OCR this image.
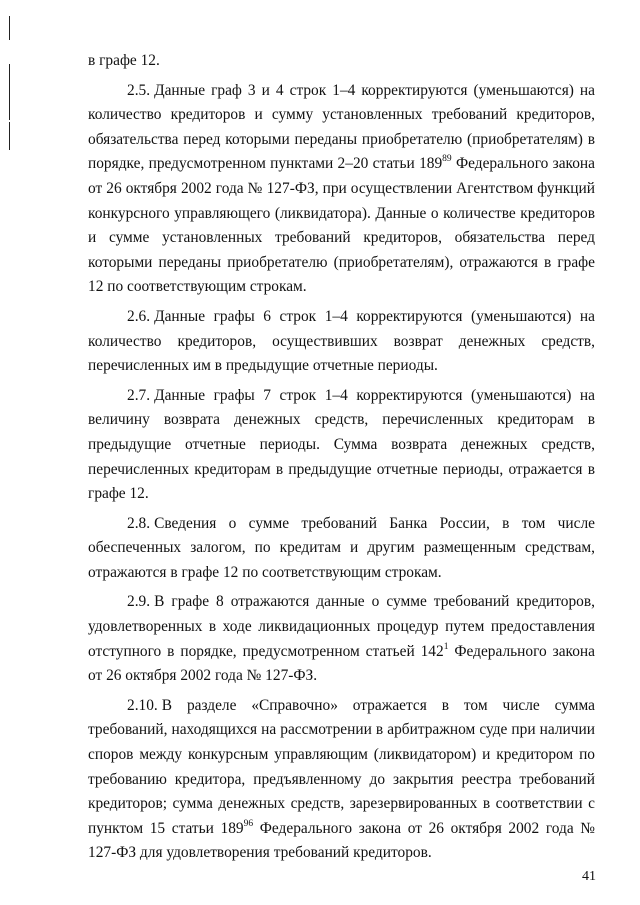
в графе 12.

2.5. Данные граф 3 и 4 строк 1–4 корректируются (уменьшаются) на количество кредиторов и сумму установленных требований кредиторов, обязательства перед которыми переданы приобретателю (приобретателям) в порядке, предусмотренном пунктами 2–20 статьи $189^{89}$ Федерального закона от 26 октября 2002 года № 127-ФЗ, при осуществлении Агентством функций конкурсного управляющего (ликвидатора). Данные о количестве кредиторов и сумме установленных требований кредиторов, обязательства перед которыми переданы приобретателю (приобретателям), отражаются в графе 12 по соответствующим строкам.

2.6. Данные графы 6 строк 1–4 корректируются (уменьшаются) на количество кредиторов, осуществивших возврат денежных средств, перечисленных им в предыдущие отчетные периоды.

2.7. Данные графы 7 строк 1–4 корректируются (уменьшаются) на величину возврата денежных средств, перечисленных кредиторам в предыдущие отчетные периоды. Сумма возврата денежных средств, перечисленных кредиторам в предыдущие отчетные периоды, отражается в графе 12.

2.8. Сведения о сумме требований Банка России, в том числе обеспеченных залогом, по кредитам и другим размещенным средствам, отражаются в графе 12 по соответствующим строкам.

2.9. В графе 8 отражаются данные о сумме требований кредиторов, удовлетворенных в ходе ликвидационных процедур путем предоставления отступного в порядке, предусмотренном статьей $142^1$ Федерального закона от 26 октября 2002 года № 127-ФЗ.

2.10. В разделе «Справочно» отражается в том числе сумма требований, находящихся на рассмотрении в арбитражном суде при наличии споров между конкурсным управляющим (ликвидатором) и кредитором по требованию кредитора, предъявленному до закрытия реестра требований кредиторов; сумма денежных средств, зарезервированных в соответствии с пунктом 15 статьи $189^{96}$ Федерального закона от 26 октября 2002 года № 127-ФЗ для удовлетворения требований кредиторов.

41
